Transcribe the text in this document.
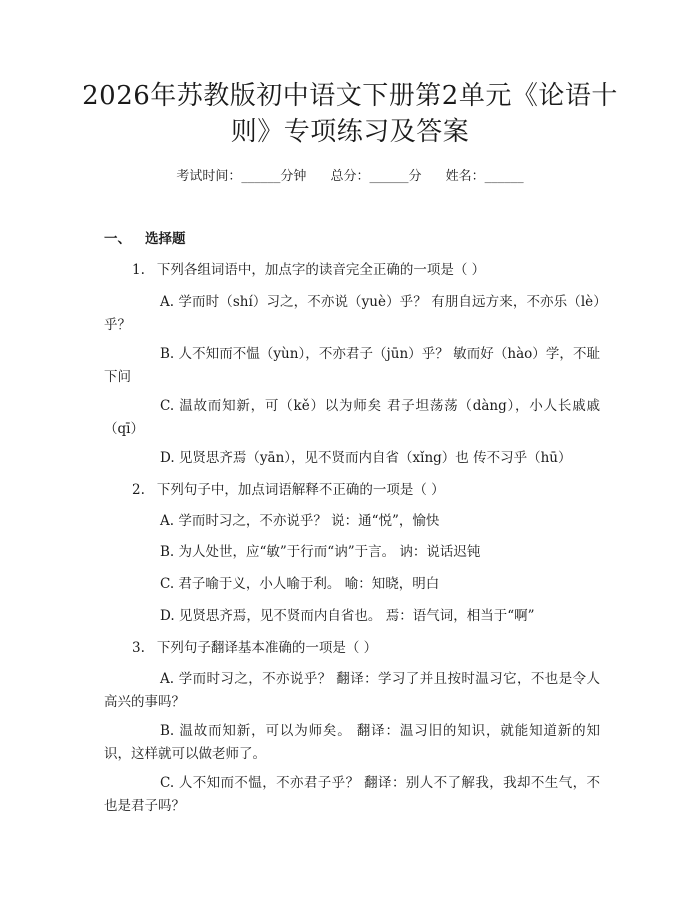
2026年苏教版初中语文下册第2单元《论语十则》专项练习及答案
考试时间：______分钟 总分：______分 姓名：______
一、 选择题
1. 下列各组词语中，加点字的读音完全正确的一项是（ ）
A. 学而时（shí）习之，不亦说（yuè）乎？ 有朋自远方来，不亦乐（lè）乎？
B. 人不知而不愠（yùn），不亦君子（jūn）乎？ 敏而好（hào）学，不耻下问
C. 温故而知新，可（kě）以为师矣 君子坦荡荡（dàng），小人长戚戚（qī）
D. 见贤思齐焉（yān），见不贤而内自省（xǐng）也 传不习乎（hū）
2. 下列句子中，加点词语解释不正确的一项是（ ）
A. 学而时习之，不亦说乎？ 说：通“悦”，愉快
B. 为人处世，应“敏”于行而“讷”于言。 讷：说话迟钝
C. 君子喻于义，小人喻于利。 喻：知晓，明白
D. 见贤思齐焉，见不贤而内自省也。 焉：语气词，相当于“啊”
3. 下列句子翻译基本准确的一项是（ ）
A. 学而时习之，不亦说乎？ 翻译：学习了并且按时温习它，不也是令人高兴的事吗？
B. 温故而知新，可以为师矣。 翻译：温习旧的知识，就能知道新的知识，这样就可以做老师了。
C. 人不知而不愠，不亦君子乎？ 翻译：别人不了解我，我却不生气，不也是君子吗？
